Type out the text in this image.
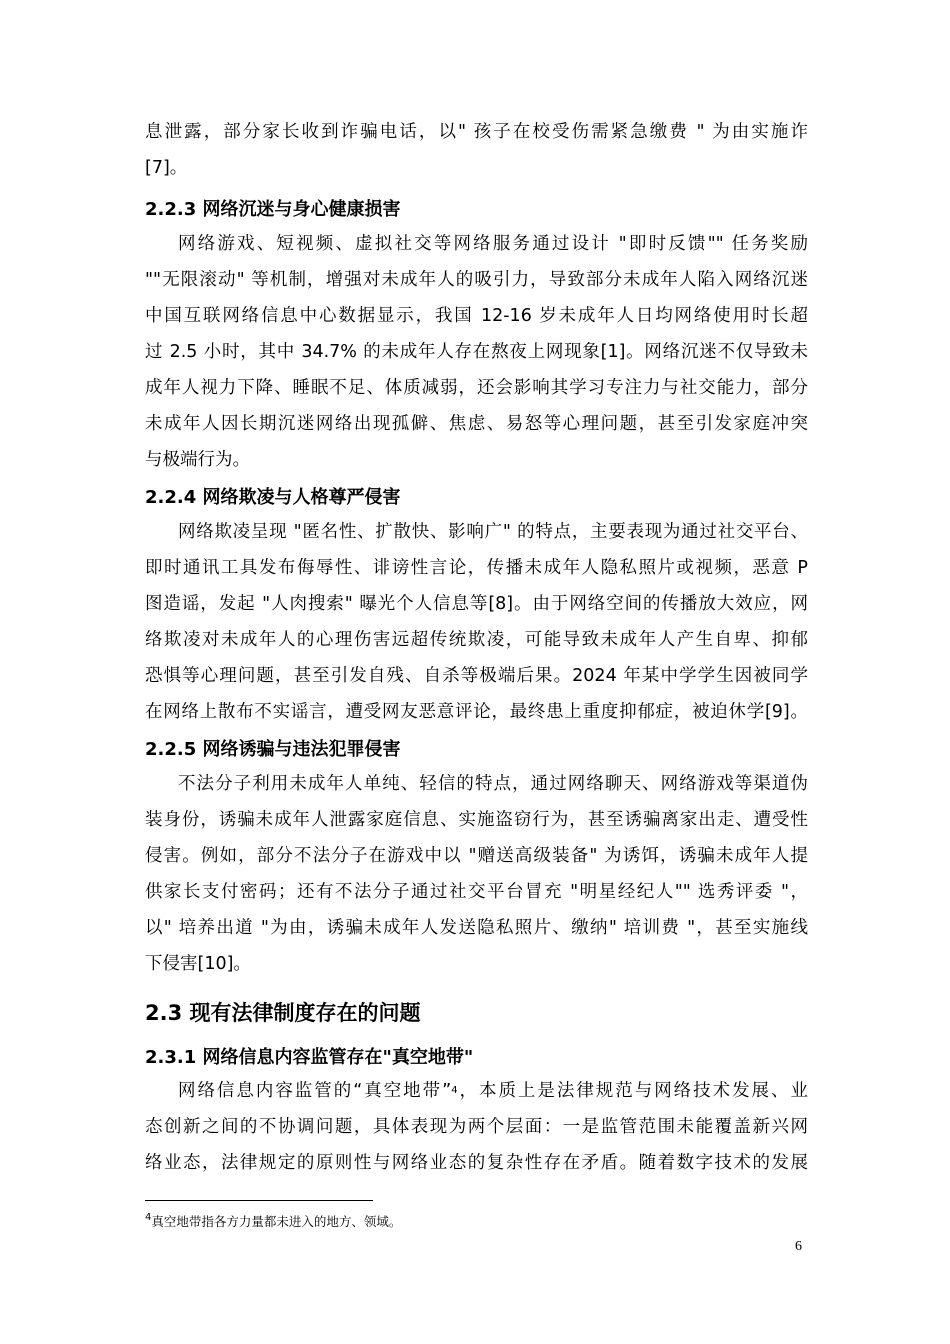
息泄露，部分家长收到诈骗电话，以" 孩子在校受伤需紧急缴费 " 为由实施诈
[7]。
2.2.3 网络沉迷与身心健康损害
网络游戏、短视频、虚拟社交等网络服务通过设计 "即时反馈"" 任务奖励
""无限滚动" 等机制，增强对未成年人的吸引力，导致部分未成年人陷入网络沉迷
中国互联网络信息中心数据显示，我国 12-16 岁未成年人日均网络使用时长超
过 2.5 小时，其中 34.7% 的未成年人存在熬夜上网现象[1]。网络沉迷不仅导致未
成年人视力下降、睡眠不足、体质减弱，还会影响其学习专注力与社交能力，部分
未成年人因长期沉迷网络出现孤僻、焦虑、易怒等心理问题，甚至引发家庭冲突
与极端行为。
2.2.4 网络欺凌与人格尊严侵害
网络欺凌呈现 "匿名性、扩散快、影响广" 的特点，主要表现为通过社交平台、
即时通讯工具发布侮辱性、诽谤性言论，传播未成年人隐私照片或视频，恶意 P
图造谣，发起 "人肉搜索" 曝光个人信息等[8]。由于网络空间的传播放大效应，网
络欺凌对未成年人的心理伤害远超传统欺凌，可能导致未成年人产生自卑、抑郁
恐惧等心理问题，甚至引发自残、自杀等极端后果。2024 年某中学学生因被同学
在网络上散布不实谣言，遭受网友恶意评论，最终患上重度抑郁症，被迫休学[9]。
2.2.5 网络诱骗与违法犯罪侵害
不法分子利用未成年人单纯、轻信的特点，通过网络聊天、网络游戏等渠道伪
装身份，诱骗未成年人泄露家庭信息、实施盗窃行为，甚至诱骗离家出走、遭受性
侵害。例如，部分不法分子在游戏中以 "赠送高级装备" 为诱饵，诱骗未成年人提
供家长支付密码；还有不法分子通过社交平台冒充 "明星经纪人"" 选秀评委 "，
以" 培养出道 "为由，诱骗未成年人发送隐私照片、缴纳" 培训费 "，甚至实施线
下侵害[10]。
2.3 现有法律制度存在的问题
2.3.1 网络信息内容监管存在"真空地带"
网络信息内容监管的“真空地带”$^4$，本质上是法律规范与网络技术发展、业
态创新之间的不协调问题，具体表现为两个层面：一是监管范围未能覆盖新兴网
络业态，法律规定的原则性与网络业态的复杂性存在矛盾。随着数字技术的发展
$^4$真空地带指各方力量都未进入的地方、领域。
6
